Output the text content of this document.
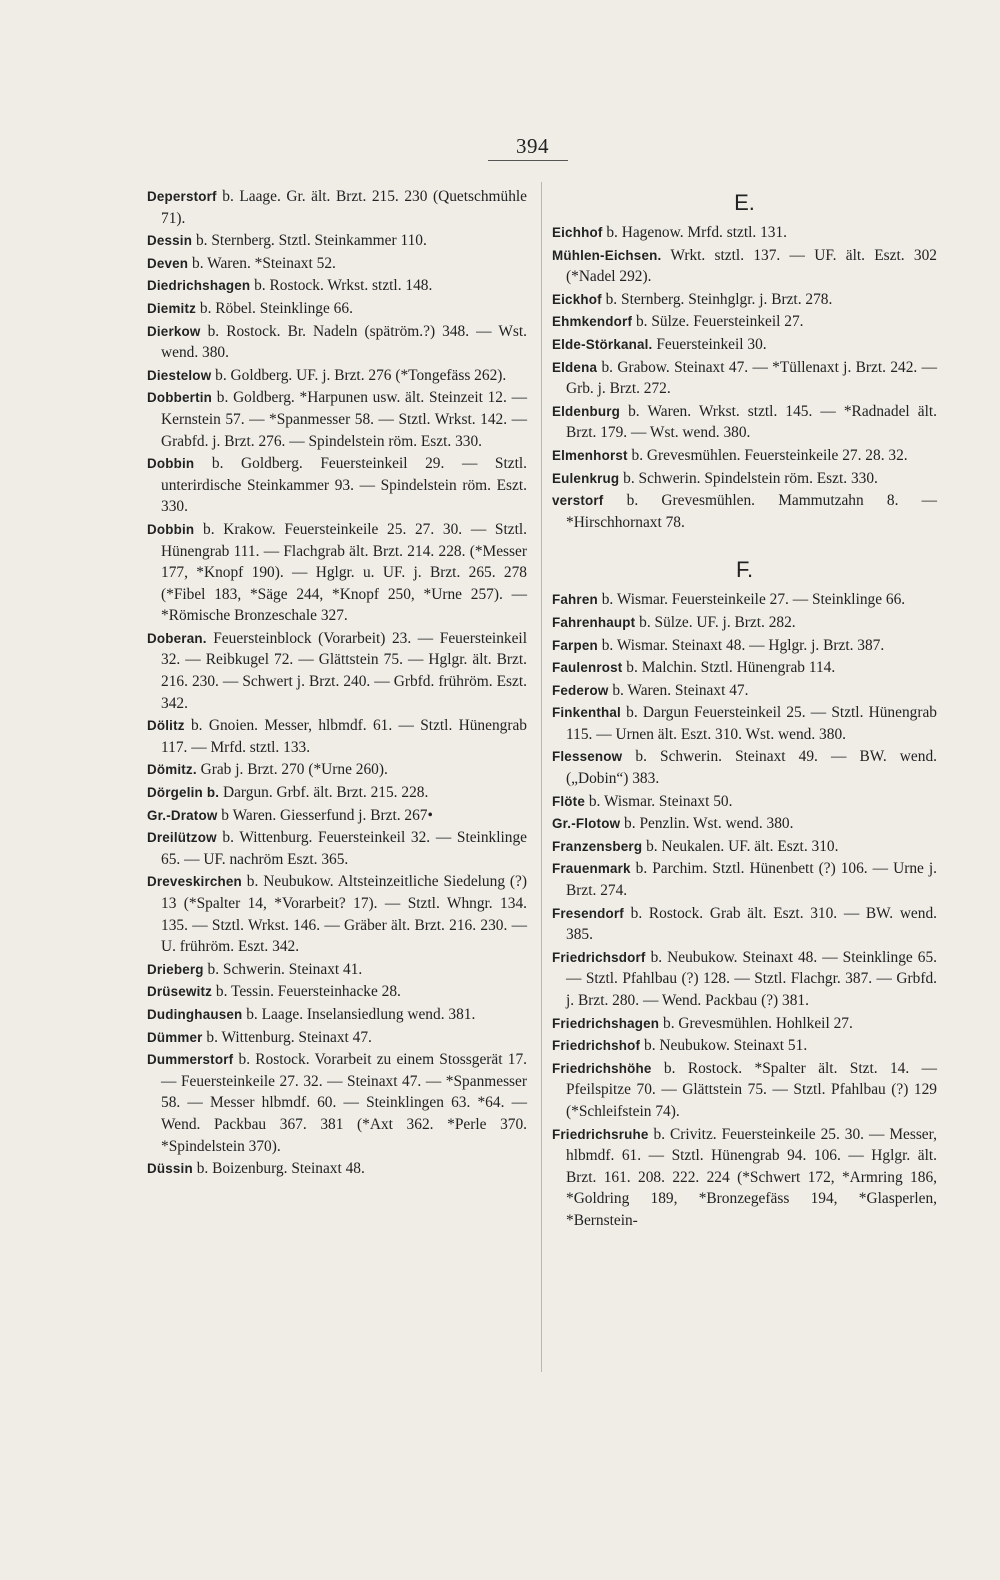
394

Deperstorf b. Laage. Gr. ält. Brzt. 215. 230 (Quetschmühle 71).

Dessin b. Sternberg. Stztl. Steinkammer 110.

Deven b. Waren. *Steinaxt 52.

Diedrichshagen b. Rostock. Wrkst. stztl. 148.

Diemitz b. Röbel. Steinklinge 66.

Dierkow b. Rostock. Br. Nadeln (spätröm.?) 348. — Wst. wend. 380.

Diestelow b. Goldberg. UF. j. Brzt. 276 (*Tongefäss 262).

Dobbertin b. Goldberg. *Harpunen usw. ält. Steinzeit 12. — Kernstein 57. — *Spanmesser 58. — Stztl. Wrkst. 142. — Grabfd. j. Brzt. 276. — Spindelstein röm. Eszt. 330.

Dobbin b. Goldberg. Feuersteinkeil 29. — Stztl. unterirdische Steinkammer 93. — Spindelstein röm. Eszt. 330.

Dobbin b. Krakow. Feuersteinkeile 25. 27. 30. — Stztl. Hünengrab 111. — Flachgrab ält. Brzt. 214. 228. (*Messer 177, *Knopf 190). — Hglgr. u. UF. j. Brzt. 265. 278 (*Fibel 183, *Säge 244, *Knopf 250, *Urne 257). — *Römische Bronzeschale 327.

Doberan. Feuersteinblock (Vorarbeit) 23. — Feuersteinkeil 32. — Reibkugel 72. — Glättstein 75. — Hglgr. ält. Brzt. 216. 230. — Schwert j. Brzt. 240. — Grbfd. frühröm. Eszt. 342.

Dölitz b. Gnoien. Messer, hlbmdf. 61. — Stztl. Hünengrab 117. — Mrfd. stztl. 133.

Dömitz. Grab j. Brzt. 270 (*Urne 260).

Dörgelin b. Dargun. Grbf. ält. Brzt. 215. 228.

Gr.-Dratow b Waren. Giesserfund j. Brzt. 267•

Dreilützow b. Wittenburg. Feuersteinkeil 32. — Steinklinge 65. — UF. nachröm Eszt. 365.

Dreveskirchen b. Neubukow. Altsteinzeitliche Siedelung (?) 13 (*Spalter 14, *Vorarbeit? 17). — Stztl. Whngr. 134. 135. — Stztl. Wrkst. 146. — Gräber ält. Brzt. 216. 230. — U. frühröm. Eszt. 342.

Drieberg b. Schwerin. Steinaxt 41.

Drüsewitz b. Tessin. Feuersteinhacke 28.

Dudinghausen b. Laage. Inselansiedlung wend. 381.

Dümmer b. Wittenburg. Steinaxt 47.

Dummerstorf b. Rostock. Vorarbeit zu einem Stossgerät 17. — Feuersteinkeile 27. 32. — Steinaxt 47. — *Spanmesser 58. — Messer hlbmdf. 60. — Steinklingen 63. *64. — Wend. Packbau 367. 381 (*Axt 362. *Perle 370. *Spindelstein 370).

Düssin b. Boizenburg. Steinaxt 48.

E.

Eichhof b. Hagenow. Mrfd. stztl. 131.

Mühlen-Eichsen. Wrkt. stztl. 137. — UF. ält. Eszt. 302 (*Nadel 292).

Eickhof b. Sternberg. Steinhglgr. j. Brzt. 278.

Ehmkendorf b. Sülze. Feuersteinkeil 27.

Elde-Störkanal. Feuersteinkeil 30.

Eldena b. Grabow. Steinaxt 47. — *Tüllenaxt j. Brzt. 242. — Grb. j. Brzt. 272.

Eldenburg b. Waren. Wrkst. stztl. 145. — *Radnadel ält. Brzt. 179. — Wst. wend. 380.

Elmenhorst b. Grevesmühlen. Feuersteinkeile 27. 28. 32.

Eulenkrug b. Schwerin. Spindelstein röm. Eszt. 330.

verstorf b. Grevesmühlen. Mammutzahn 8. — *Hirschhornaxt 78.

F.

Fahren b. Wismar. Feuersteinkeile 27. — Steinklinge 66.

Fahrenhaupt b. Sülze. UF. j. Brzt. 282.

Farpen b. Wismar. Steinaxt 48. — Hglgr. j. Brzt. 387.

Faulenrost b. Malchin. Stztl. Hünengrab 114.

Federow b. Waren. Steinaxt 47.

Finkenthal b. Dargun Feuersteinkeil 25. — Stztl. Hünengrab 115. — Urnen ält. Eszt. 310. Wst. wend. 380.

Flessenow b. Schwerin. Steinaxt 49. — BW. wend. („Dobin“) 383.

Flöte b. Wismar. Steinaxt 50.

Gr.-Flotow b. Penzlin. Wst. wend. 380.

Franzensberg b. Neukalen. UF. ält. Eszt. 310.

Frauenmark b. Parchim. Stztl. Hünenbett (?) 106. — Urne j. Brzt. 274.

Fresendorf b. Rostock. Grab ält. Eszt. 310. — BW. wend. 385.

Friedrichsdorf b. Neubukow. Steinaxt 48. — Steinklinge 65. — Stztl. Pfahlbau (?) 128. — Stztl. Flachgr. 387. — Grbfd. j. Brzt. 280. — Wend. Packbau (?) 381.

Friedrichshagen b. Grevesmühlen. Hohlkeil 27.

Friedrichshof b. Neubukow. Steinaxt 51.

Friedrichshöhe b. Rostock. *Spalter ält. Stzt. 14. — Pfeilspitze 70. — Glättstein 75. — Stztl. Pfahlbau (?) 129 (*Schleifstein 74).

Friedrichsruhe b. Crivitz. Feuersteinkeile 25. 30. — Messer, hlbmdf. 61. — Stztl. Hünengrab 94. 106. — Hglgr. ält. Brzt. 161. 208. 222. 224 (*Schwert 172, *Armring 186, *Goldring 189, *Bronzegefäss 194, *Glasperlen, *Bernstein-
